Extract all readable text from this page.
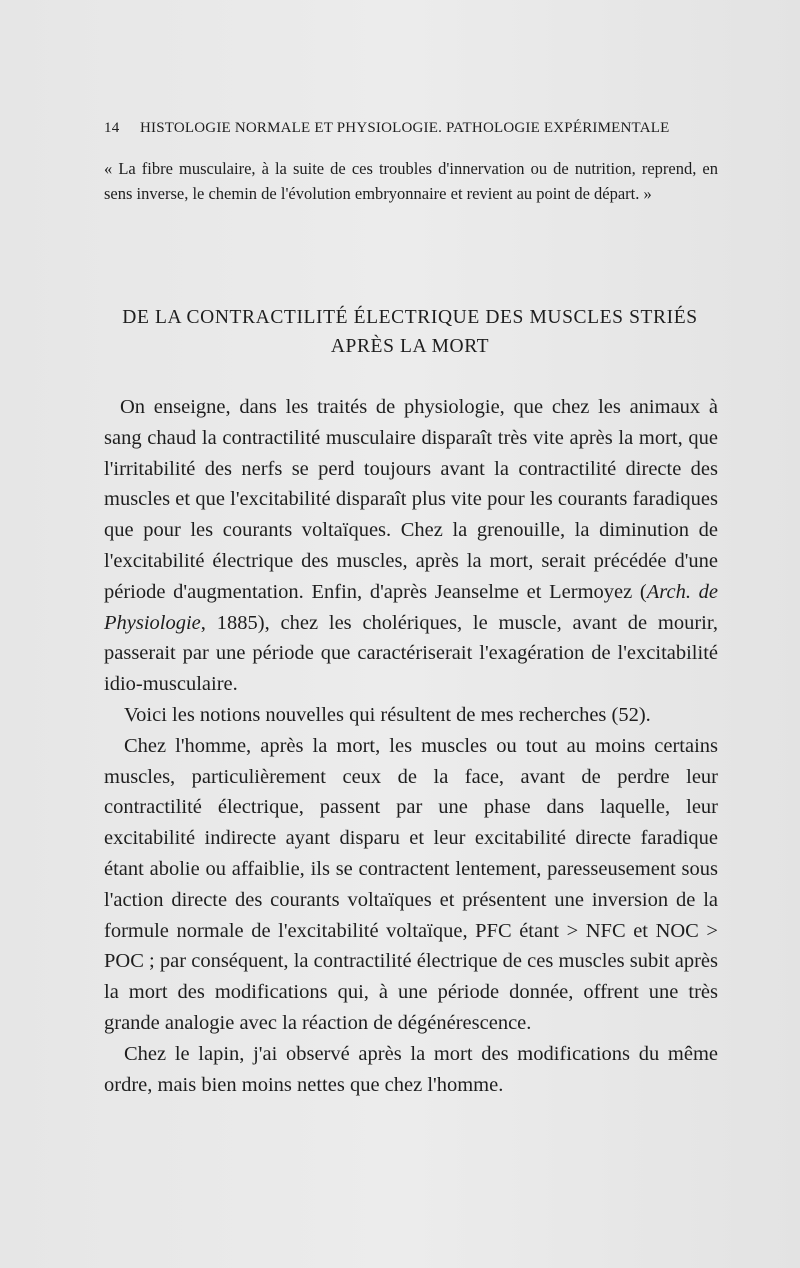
14 HISTOLOGIE NORMALE ET PHYSIOLOGIE. PATHOLOGIE EXPÉRIMENTALE
« La fibre musculaire, à la suite de ces troubles d'innervation ou de nutrition, reprend, en sens inverse, le chemin de l'évolution embryonnaire et revient au point de départ. »
DE LA CONTRACTILITÉ ÉLECTRIQUE DES MUSCLES STRIÉS
APRÈS LA MORT

On enseigne, dans les traités de physiologie, que chez les animaux à sang chaud la contractilité musculaire disparaît très vite après la mort, que l'irritabilité des nerfs se perd toujours avant la contractilité directe des muscles et que l'excitabilité disparaît plus vite pour les courants faradiques que pour les courants voltaïques. Chez la grenouille, la diminution de l'excitabilité électrique des muscles, après la mort, serait précédée d'une période d'augmentation. Enfin, d'après Jeanselme et Lermoyez (Arch. de Physiologie, 1885), chez les cholériques, le muscle, avant de mourir, passerait par une période que caractériserait l'exagération de l'excitabilité idio-musculaire.

Voici les notions nouvelles qui résultent de mes recherches (52).

Chez l'homme, après la mort, les muscles ou tout au moins certains muscles, particulièrement ceux de la face, avant de perdre leur contractilité électrique, passent par une phase dans laquelle, leur excitabilité indirecte ayant disparu et leur excitabilité directe faradique étant abolie ou affaiblie, ils se contractent lentement, paresseusement sous l'action directe des courants voltaïques et présentent une inversion de la formule normale de l'excitabilité voltaïque, PFC étant > NFC et NOC > POC ; par conséquent, la contractilité électrique de ces muscles subit après la mort des modifications qui, à une période donnée, offrent une très grande analogie avec la réaction de dégénérescence.

Chez le lapin, j'ai observé après la mort des modifications du même ordre, mais bien moins nettes que chez l'homme.
